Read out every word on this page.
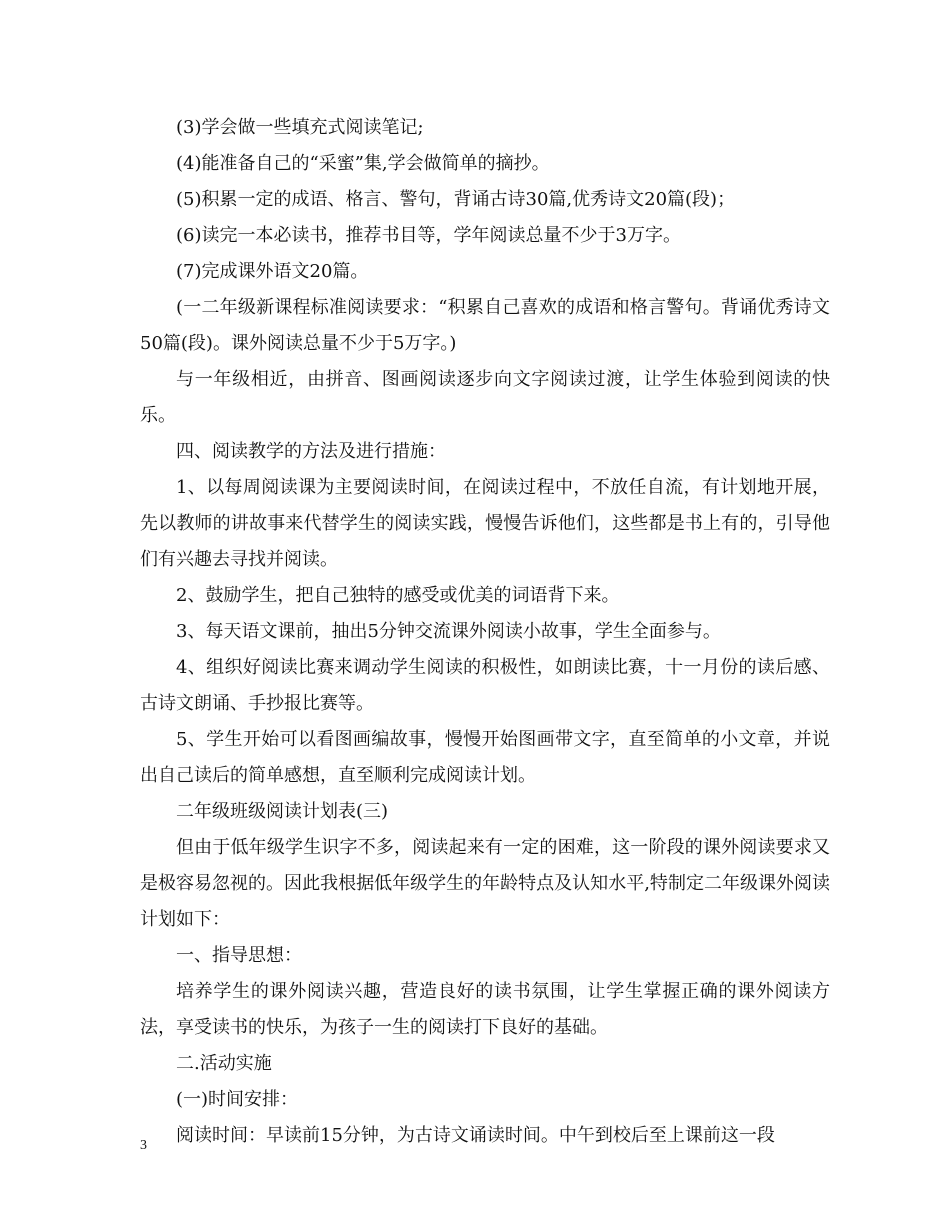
(3)学会做一些填充式阅读笔记;

(4)能准备自己的“采蜜”集,学会做简单的摘抄。

(5)积累一定的成语、格言、警句，背诵古诗30篇,优秀诗文20篇(段)；

(6)读完一本必读书，推荐书目等，学年阅读总量不少于3万字。

(7)完成课外语文20篇。

(一二年级新课程标准阅读要求：“积累自己喜欢的成语和格言警句。背诵优秀诗文50篇(段)。课外阅读总量不少于5万字。)

与一年级相近，由拼音、图画阅读逐步向文字阅读过渡，让学生体验到阅读的快乐。

四、阅读教学的方法及进行措施：

1、以每周阅读课为主要阅读时间，在阅读过程中，不放任自流，有计划地开展，先以教师的讲故事来代替学生的阅读实践，慢慢告诉他们，这些都是书上有的，引导他们有兴趣去寻找并阅读。

2、鼓励学生，把自己独特的感受或优美的词语背下来。

3、每天语文课前，抽出5分钟交流课外阅读小故事，学生全面参与。

4、组织好阅读比赛来调动学生阅读的积极性，如朗读比赛，十一月份的读后感、古诗文朗诵、手抄报比赛等。

5、学生开始可以看图画编故事，慢慢开始图画带文字，直至简单的小文章，并说出自己读后的简单感想，直至顺利完成阅读计划。

二年级班级阅读计划表(三)

但由于低年级学生识字不多，阅读起来有一定的困难，这一阶段的课外阅读要求又是极容易忽视的。因此我根据低年级学生的年龄特点及认知水平,特制定二年级课外阅读计划如下：

一、指导思想：

培养学生的课外阅读兴趣，营造良好的读书氛围，让学生掌握正确的课外阅读方法，享受读书的快乐，为孩子一生的阅读打下良好的基础。

二.活动实施

(一)时间安排：

阅读时间：早读前15分钟，为古诗文诵读时间。中午到校后至上课前这一段

3
